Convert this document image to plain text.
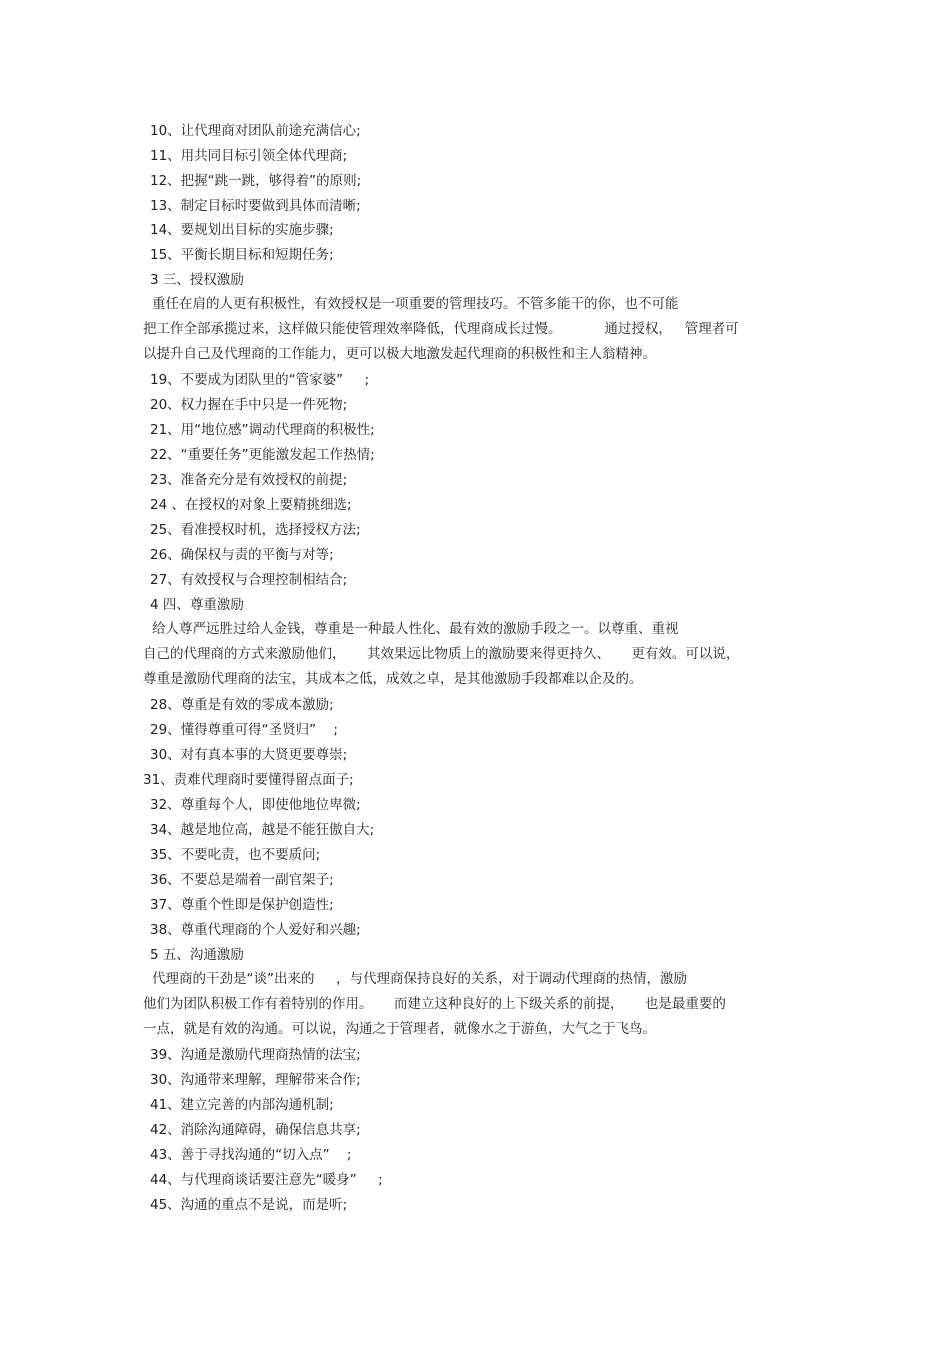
10、让代理商对团队前途充满信心;
11、用共同目标引领全体代理商;
12、把握“跳一跳，够得着”的原则;
13、制定目标时要做到具体而清晰;
14、要规划出目标的实施步骤;
15、平衡长期目标和短期任务;
3 三、授权激励
重任在肩的人更有积极性，有效授权是一项重要的管理技巧。不管多能干的你，也不可能
把工作全部承揽过来，这样做只能使管理效率降低，代理商成长过慢。          通过授权，   管理者可
以提升自己及代理商的工作能力，更可以极大地激发起代理商的积极性和主人翁精神。
19、不要成为团队里的“管家婆”     ;
20、权力握在手中只是一件死物;
21、用“地位感”调动代理商的积极性;
22、“重要任务”更能激发起工作热情;
23、准备充分是有效授权的前提;
24 、在授权的对象上要精挑细选;
25、看准授权时机，选择授权方法;
26、确保权与责的平衡与对等;
27、有效授权与合理控制相结合;
4 四、尊重激励
给人尊严远胜过给人金钱，尊重是一种最人性化、最有效的激励手段之一。以尊重、重视
自己的代理商的方式来激励他们，     其效果远比物质上的激励要来得更持久、     更有效。可以说，
尊重是激励代理商的法宝，其成本之低，成效之卓，是其他激励手段都难以企及的。
28、尊重是有效的零成本激励;
29、懂得尊重可得“圣贤归”    ;
30、对有真本事的大贤更要尊崇;
31、责难代理商时要懂得留点面子;
32、尊重每个人，即使他地位卑微;
34、越是地位高，越是不能狂傲自大;
35、不要叱责，也不要质问;
36、不要总是端着一副官架子;
37、尊重个性即是保护创造性;
38、尊重代理商的个人爱好和兴趣;
5 五、沟通激励
代理商的干劲是“谈”出来的     ，与代理商保持良好的关系，对于调动代理商的热情，激励
他们为团队积极工作有着特别的作用。     而建立这种良好的上下级关系的前提，     也是最重要的
一点，就是有效的沟通。可以说，沟通之于管理者，就像水之于游鱼，大气之于飞鸟。
39、沟通是激励代理商热情的法宝;
30、沟通带来理解，理解带来合作;
41、建立完善的内部沟通机制;
42、消除沟通障碍，确保信息共享;
43、善于寻找沟通的“切入点”    ;
44、与代理商谈话要注意先“暖身”     ;
45、沟通的重点不是说，而是听;
